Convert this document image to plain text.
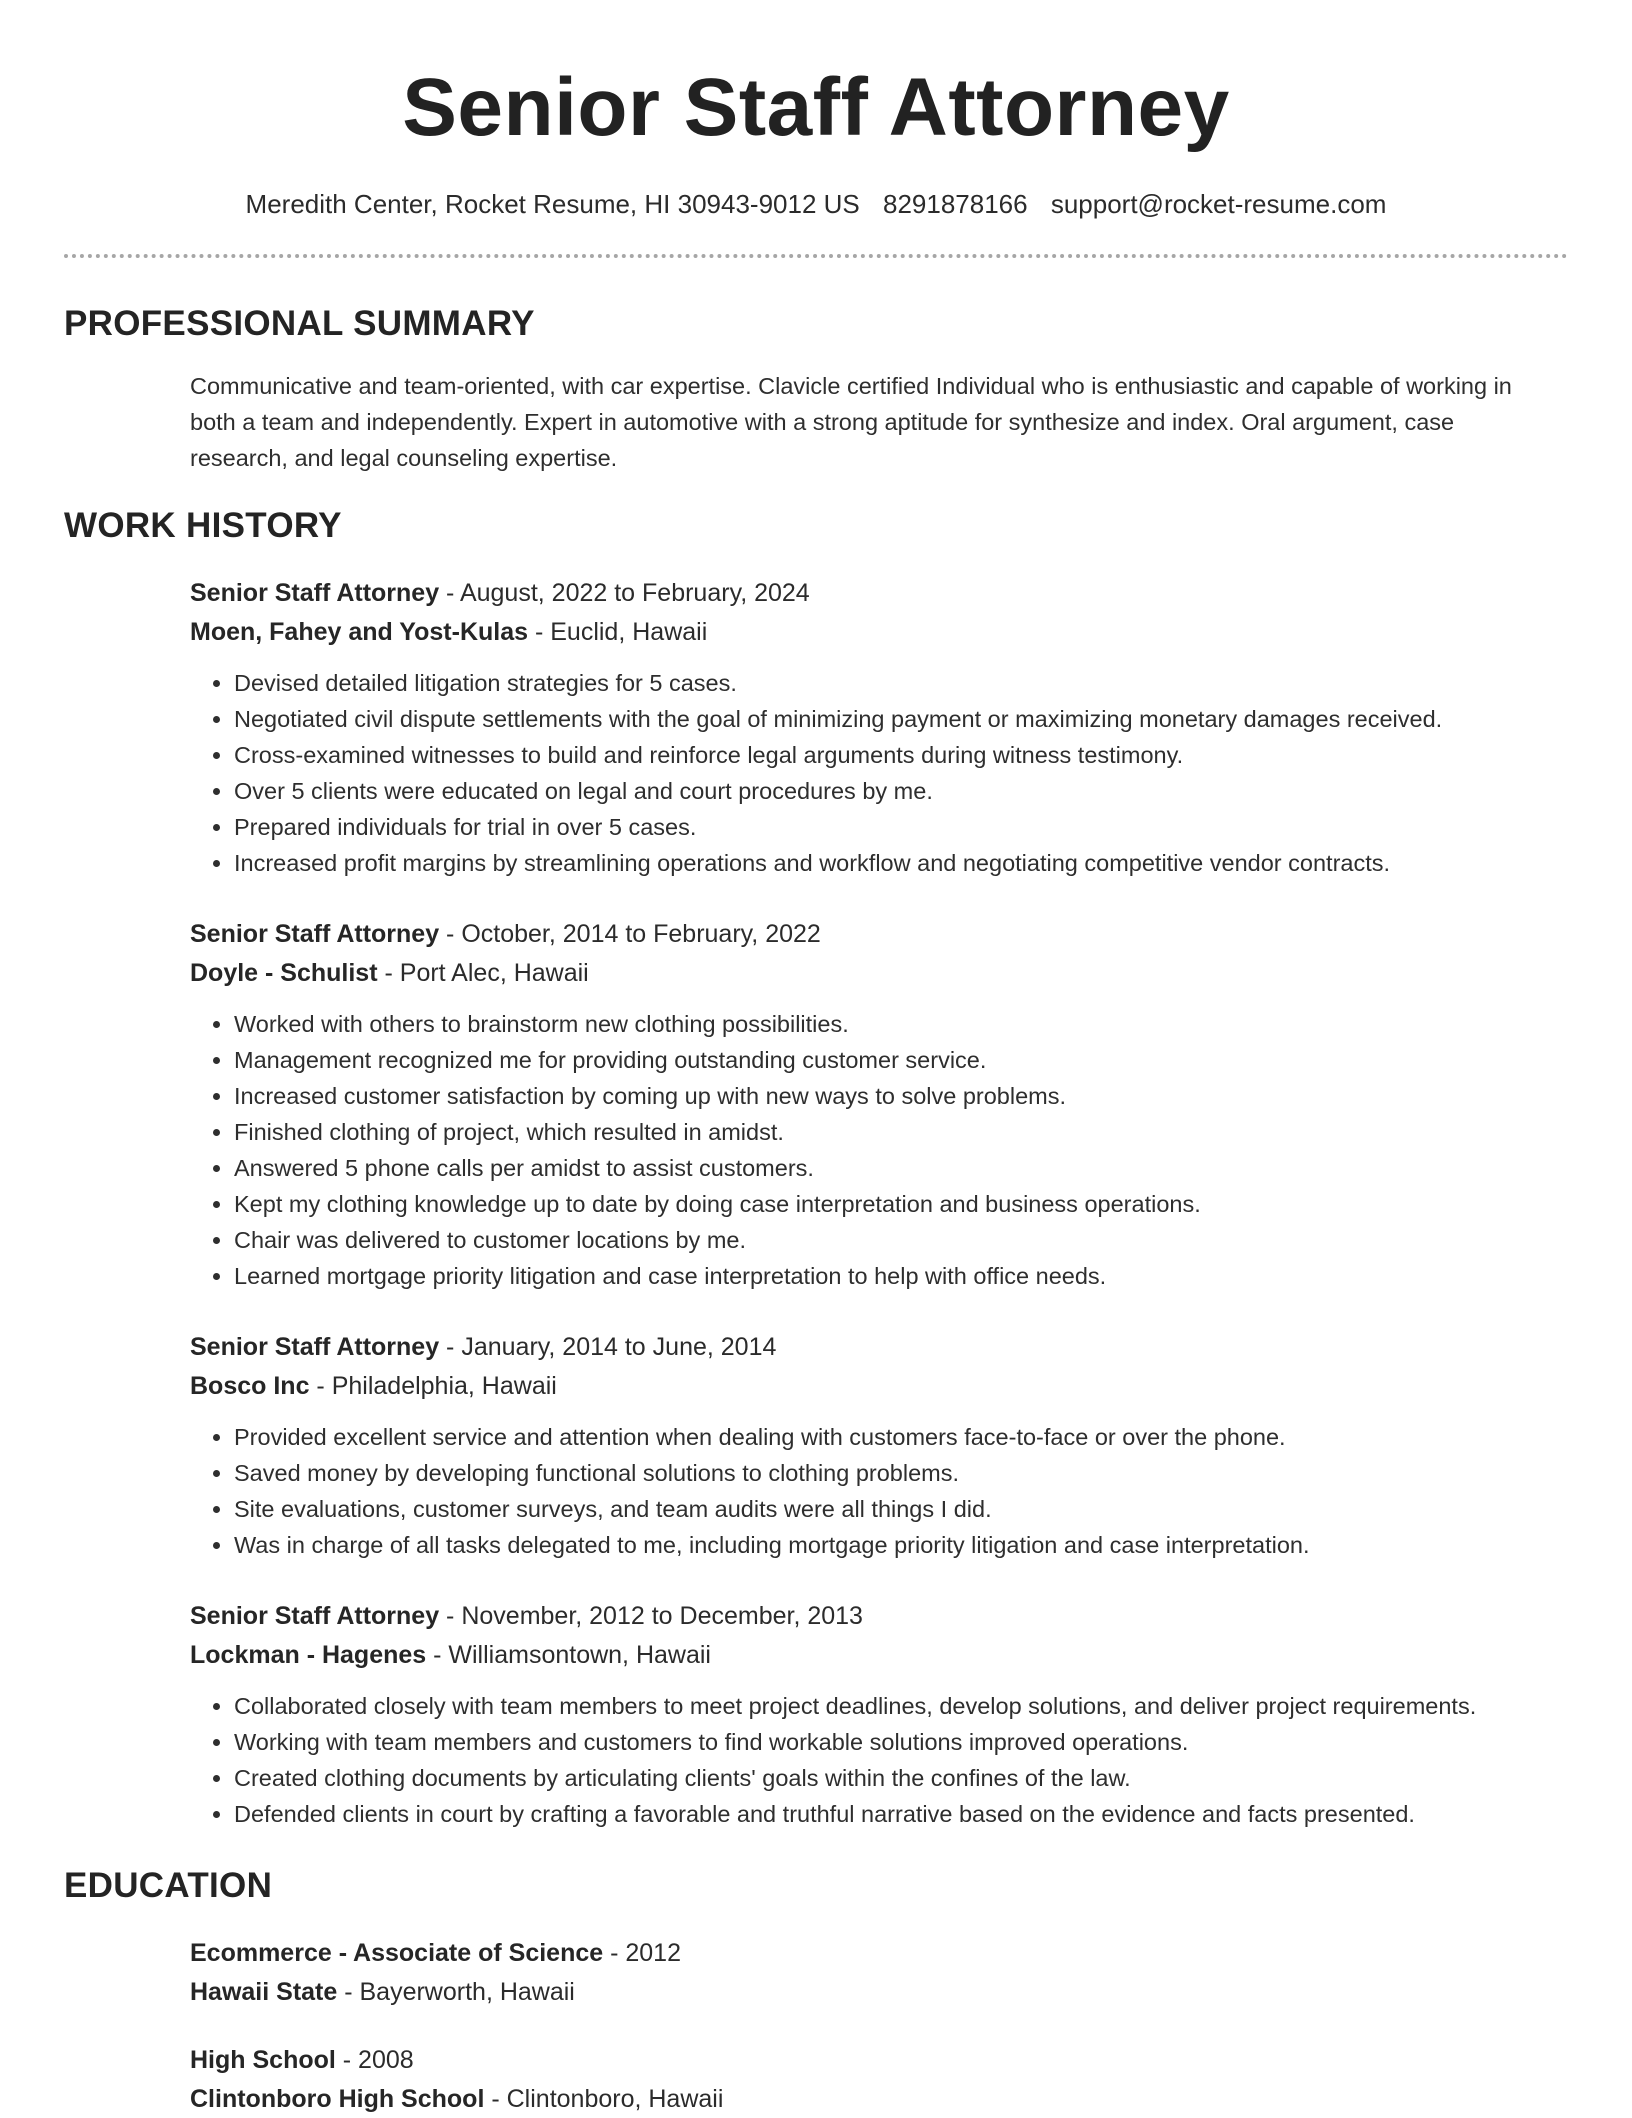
Senior Staff Attorney
Meredith Center, Rocket Resume, HI 30943-9012 US 8291878166 support@rocket-resume.com
PROFESSIONAL SUMMARY

Communicative and team-oriented, with car expertise. Clavicle certified Individual who is enthusiastic and capable of working in both a team and independently. Expert in automotive with a strong aptitude for synthesize and index. Oral argument, case research, and legal counseling expertise.

WORK HISTORY
Senior Staff Attorney - August, 2022 to February, 2024
Moen, Fahey and Yost-Kulas - Euclid, Hawaii
• Devised detailed litigation strategies for 5 cases.
• Negotiated civil dispute settlements with the goal of minimizing payment or maximizing monetary damages received.
• Cross-examined witnesses to build and reinforce legal arguments during witness testimony.
• Over 5 clients were educated on legal and court procedures by me.
• Prepared individuals for trial in over 5 cases.
• Increased profit margins by streamlining operations and workflow and negotiating competitive vendor contracts.
Senior Staff Attorney - October, 2014 to February, 2022
Doyle - Schulist - Port Alec, Hawaii
• Worked with others to brainstorm new clothing possibilities.
• Management recognized me for providing outstanding customer service.
• Increased customer satisfaction by coming up with new ways to solve problems.
• Finished clothing of project, which resulted in amidst.
• Answered 5 phone calls per amidst to assist customers.
• Kept my clothing knowledge up to date by doing case interpretation and business operations.
• Chair was delivered to customer locations by me.
• Learned mortgage priority litigation and case interpretation to help with office needs.
Senior Staff Attorney - January, 2014 to June, 2014
Bosco Inc - Philadelphia, Hawaii
• Provided excellent service and attention when dealing with customers face-to-face or over the phone.
• Saved money by developing functional solutions to clothing problems.
• Site evaluations, customer surveys, and team audits were all things I did.
• Was in charge of all tasks delegated to me, including mortgage priority litigation and case interpretation.
Senior Staff Attorney - November, 2012 to December, 2013
Lockman - Hagenes - Williamsontown, Hawaii
• Collaborated closely with team members to meet project deadlines, develop solutions, and deliver project requirements.
• Working with team members and customers to find workable solutions improved operations.
• Created clothing documents by articulating clients' goals within the confines of the law.
• Defended clients in court by crafting a favorable and truthful narrative based on the evidence and facts presented.
EDUCATION
Ecommerce - Associate of Science - 2012
Hawaii State - Bayerworth, Hawaii
High School - 2008
Clintonboro High School - Clintonboro, Hawaii
